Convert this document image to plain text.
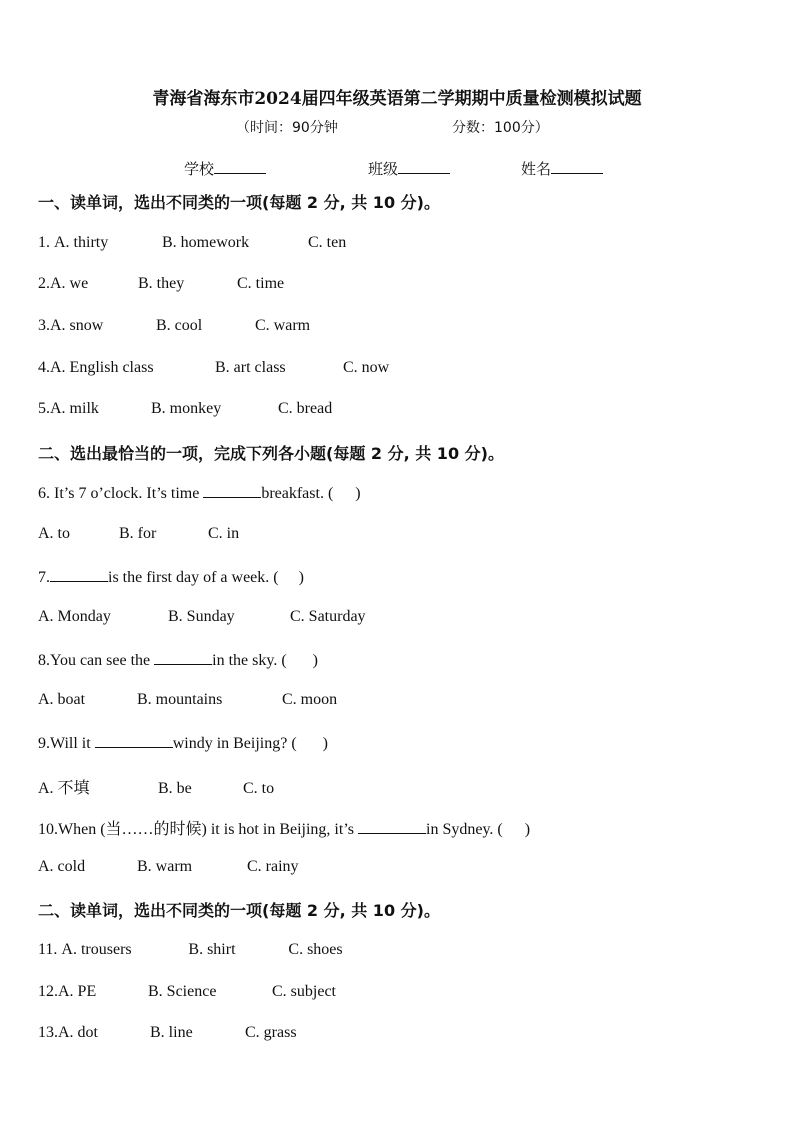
青海省海东市2024届四年级英语第二学期期中质量检测模拟试题
（时间：90分钟	分数：100分）
学校	班级	姓名
一、读单词，选出不同类的一项(每题 2 分, 共 10 分)。
1. A. thirty	B. homework	C. ten
2.A. we	B. they	C. time
3.A. snow	B. cool	C. warm
4.A. English class	B. art class	C. now
5.A. milk	B. monkey	C. bread
二、选出最恰当的一项，完成下列各小题(每题 2 分, 共 10 分)。
6. It’s 7 o’clock. It’s time	breakfast. ( )
A. to	B. for	C. in
7.	is the first day of a week. ( )
A. Monday	B. Sunday	C. Saturday
8.You can see the	in the sky. ( )
A. boat	B. mountains	C. moon
9.Will it	windy in Beijing? ( )
A. 不填	B. be	C. to
10.When (当……的时候) it is hot in Beijing, it’s	in Sydney. ( )
A. cold	B. warm	C. rainy
二、读单词，选出不同类的一项(每题 2 分, 共 10 分)。
11. A. trousers	B. shirt	C. shoes
12.A. PE	B. Science	C. subject
13.A. dot	B. line	C. grass
